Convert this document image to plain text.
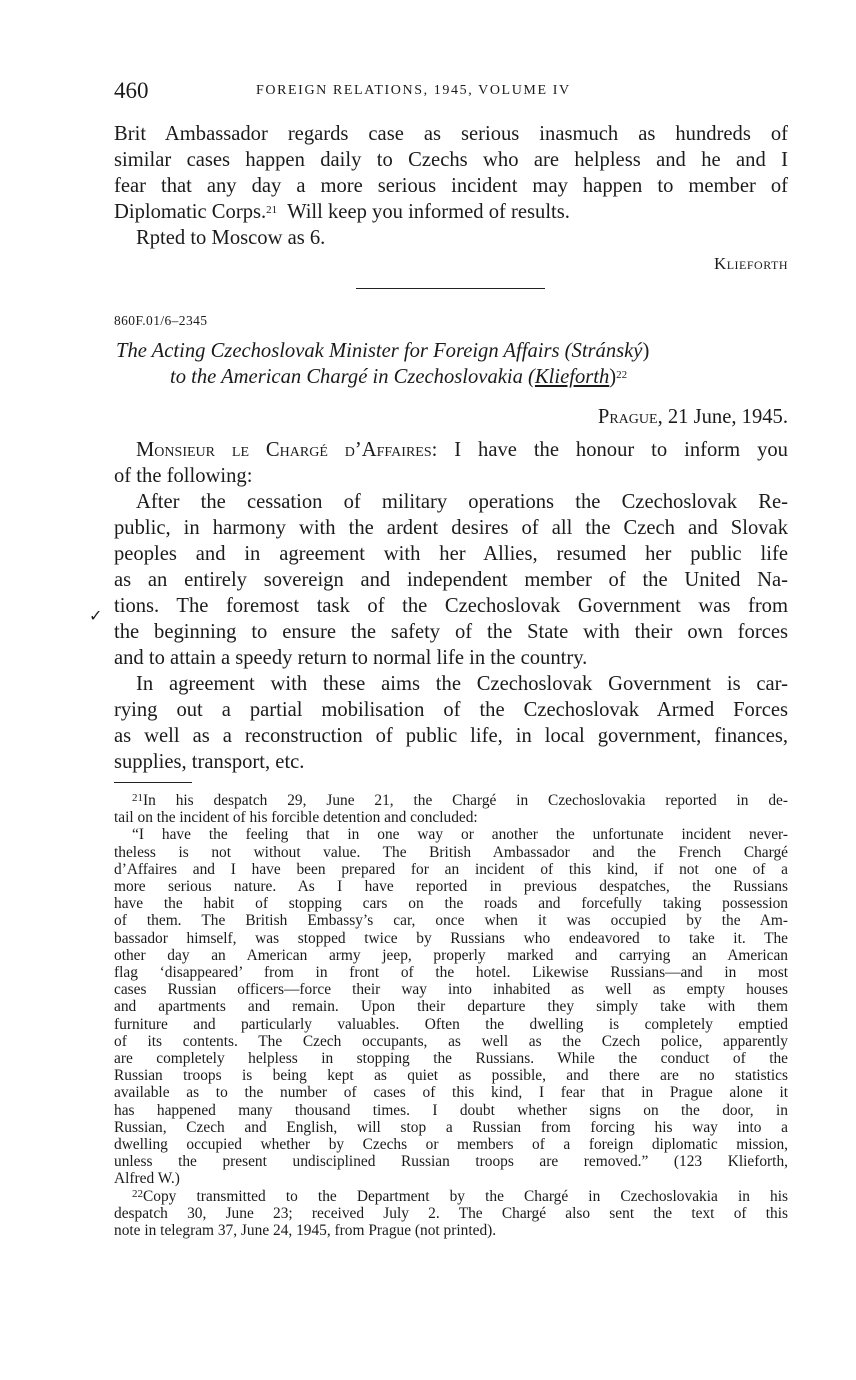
460	FOREIGN RELATIONS, 1945, VOLUME IV
Brit Ambassador regards case as serious inasmuch as hundreds of
similar cases happen daily to Czechs who are helpless and he and I
fear that any day a more serious incident may happen to member of
Diplomatic Corps.$^{21}$  Will keep you informed of results.
Rpted to Moscow as 6.
Klieforth
860F.01/6–2345
The Acting Czechoslovak Minister for Foreign Affairs (Stránský)
to the American Chargé in Czechoslovakia (Klieforth)$^{22}$
Prague, 21 June, 1945.
Monsieur le Chargé d’Affaires: I have the honour to inform you
of the following:
After the cessation of military operations the Czechoslovak Re-
public, in harmony with the ardent desires of all the Czech and Slovak
peoples and in agreement with her Allies, resumed her public life
as an entirely sovereign and independent member of the United Na-
tions. The foremost task of the Czechoslovak Government was from
the beginning to ensure the safety of the State with their own forces
and to attain a speedy return to normal life in the country.
In agreement with these aims the Czechoslovak Government is car-
rying out a partial mobilisation of the Czechoslovak Armed Forces
as well as a reconstruction of public life, in local government, finances,
supplies, transport, etc.
✓
$^{21}$In his despatch 29, June 21, the Chargé in Czechoslovakia reported in de-
tail on the incident of his forcible detention and concluded:
“I have the feeling that in one way or another the unfortunate incident never-
theless is not without value. The British Ambassador and the French Chargé
d’Affaires and I have been prepared for an incident of this kind, if not one of a
more serious nature. As I have reported in previous despatches, the Russians
have the habit of stopping cars on the roads and forcefully taking possession
of them. The British Embassy’s car, once when it was occupied by the Am-
bassador himself, was stopped twice by Russians who endeavored to take it. The
other day an American army jeep, properly marked and carrying an American
flag ‘disappeared’ from in front of the hotel. Likewise Russians—and in most
cases Russian officers—force their way into inhabited as well as empty houses
and apartments and remain. Upon their departure they simply take with them
furniture and particularly valuables. Often the dwelling is completely emptied
of its contents. The Czech occupants, as well as the Czech police, apparently
are completely helpless in stopping the Russians. While the conduct of the
Russian troops is being kept as quiet as possible, and there are no statistics
available as to the number of cases of this kind, I fear that in Prague alone it
has happened many thousand times. I doubt whether signs on the door, in
Russian, Czech and English, will stop a Russian from forcing his way into a
dwelling occupied whether by Czechs or members of a foreign diplomatic mission,
unless the present undisciplined Russian troops are removed.” (123 Klieforth,
Alfred W.)
$^{22}$Copy transmitted to the Department by the Chargé in Czechoslovakia in his
despatch 30, June 23; received July 2. The Chargé also sent the text of this
note in telegram 37, June 24, 1945, from Prague (not printed).
